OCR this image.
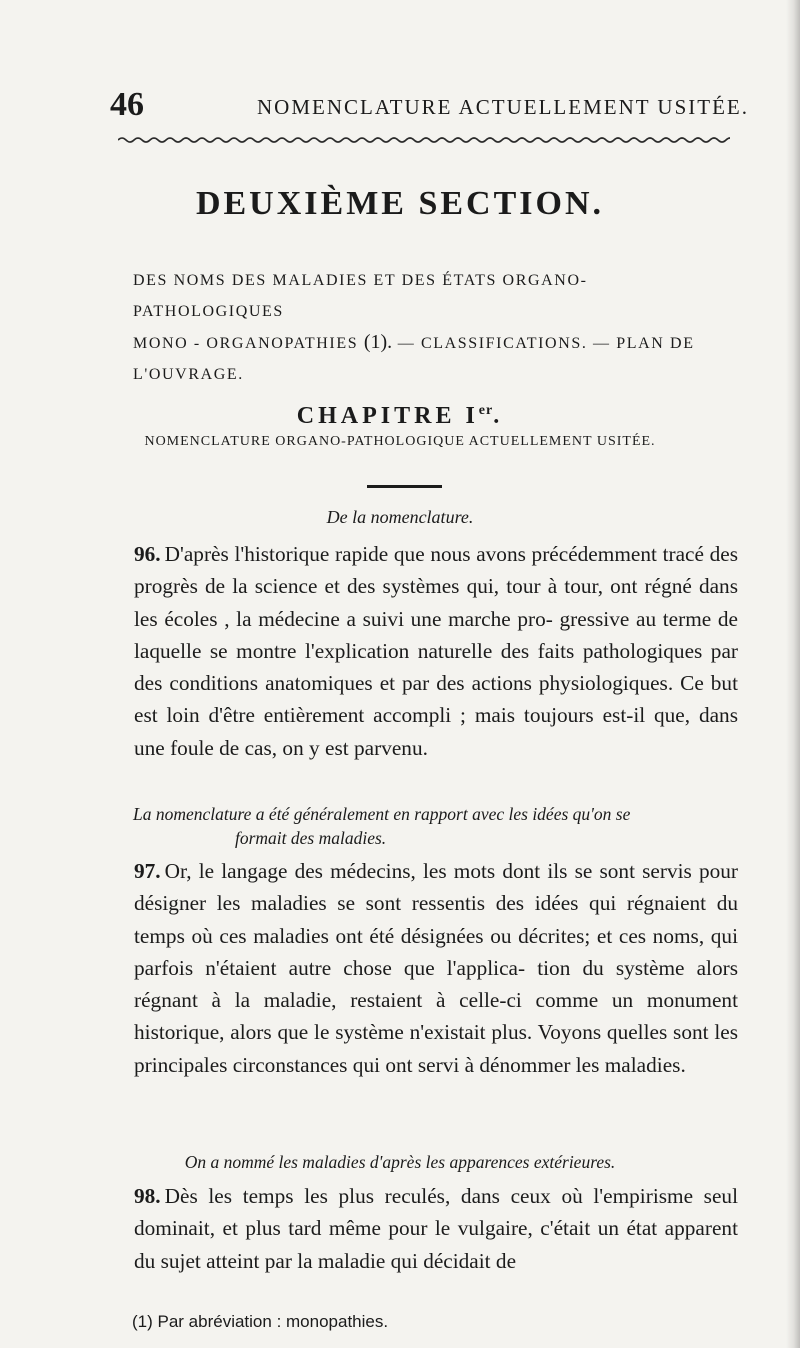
46	NOMENCLATURE ACTUELLEMENT USITÉE.
DEUXIÈME SECTION.
DES NOMS DES MALADIES ET DES ÉTATS ORGANO-PATHOLOGIQUES
MONO - ORGANOPATHIES (1). — CLASSIFICATIONS. — PLAN DE
L'OUVRAGE.
CHAPITRE Ier.
NOMENCLATURE ORGANO-PATHOLOGIQUE ACTUELLEMENT USITÉE.
De la nomenclature.
96. D'après l'historique rapide que nous avons précédemment tracé des progrès de la science et des systèmes qui, tour à tour, ont régné dans les écoles , la médecine a suivi une marche pro- gressive au terme de laquelle se montre l'explication naturelle des faits pathologiques par des conditions anatomiques et par des actions physiologiques. Ce but est loin d'être entièrement accompli ; mais toujours est-il que, dans une foule de cas, on y est parvenu.
La nomenclature a été généralement en rapport avec les idées qu'on se
formait des maladies.
97. Or, le langage des médecins, les mots dont ils se sont servis pour désigner les maladies se sont ressentis des idées qui régnaient du temps où ces maladies ont été désignées ou décrites; et ces noms, qui parfois n'étaient autre chose que l'applica- tion du système alors régnant à la maladie, restaient à celle-ci comme un monument historique, alors que le système n'existait plus. Voyons quelles sont les principales circonstances qui ont servi à dénommer les maladies.
On a nommé les maladies d'après les apparences extérieures.
98. Dès les temps les plus reculés, dans ceux où l'empirisme seul dominait, et plus tard même pour le vulgaire, c'était un état apparent du sujet atteint par la maladie qui décidait de
(1) Par abréviation : monopathies.
